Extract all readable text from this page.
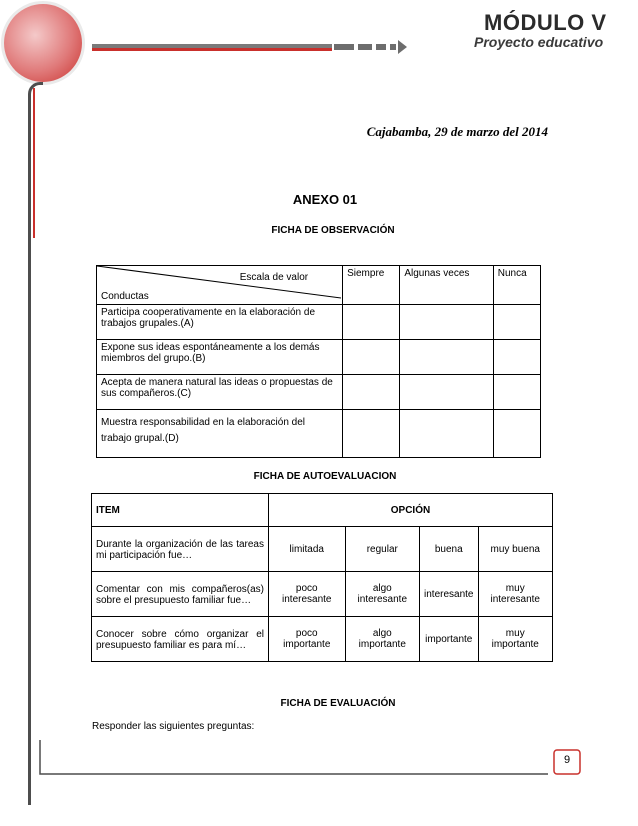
MÓDULO V
Proyecto educativo
Cajabamba, 29 de marzo del 2014
ANEXO 01
FICHA DE OBSERVACIÓN
Escala de valor
Conductas	Siempre	Algunas veces	Nunca
Participa cooperativamente en la elaboración de trabajos grupales.(A)			
Expone sus ideas espontáneamente a los demás miembros del grupo.(B)			
Acepta de manera natural las ideas o propuestas de sus compañeros.(C)			
Muestra responsabilidad en la elaboración del trabajo grupal.(D)			
FICHA DE AUTOEVALUACION
ITEM	OPCIÓN			
Durante la organización de las tareas mi participación fue…	limitada	regular	buena	muy buena
Comentar con mis compañeros(as) sobre el presupuesto familiar fue…	poco interesante	algo interesante	interesante	muy interesante
Conocer sobre cómo organizar el presupuesto familiar es para mí…	poco importante	algo importante	importante	muy importante
FICHA DE EVALUACIÓN
Responder las siguientes preguntas:
9
